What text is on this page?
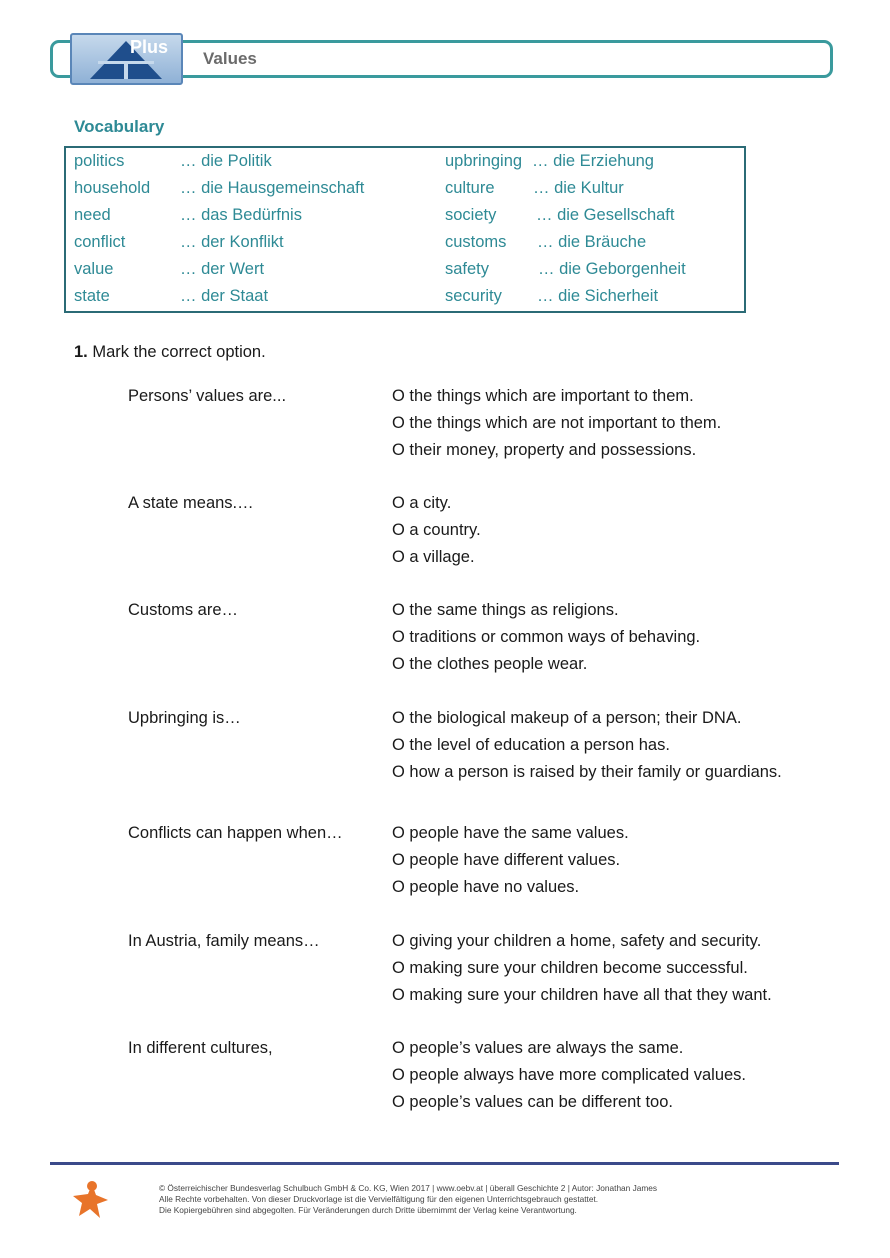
Plus
Values
Vocabulary
politics	… die Politik	upbringing … die Erziehung
household … die Hausgemeinschaft	culture … die Kultur
need	… das Bedürfnis	society … die Gesellschaft
conflict	… der Konflikt	customs … die Bräuche
value	… der Wert	safety	… die Geborgenheit
state	… der Staat	security … die Sicherheit
1. Mark the correct option.
Persons’ values are...	O the things which are important to them.
O the things which are not important to them.
O their money, property and possessions.
A state means.…	O a city.
O a country.
O a village.
Customs are…	O the same things as religions.
O traditions or common ways of behaving.
O the clothes people wear.
Upbringing is…	O the biological makeup of a person; their DNA.
O the level of education a person has.
O how a person is raised by their family or guardians.
Conflicts can happen when…	O people have the same values.
O people have different values.
O people have no values.
In Austria, family means…	O giving your children a home, safety and security.
O making sure your children become successful.
O making sure your children have all that they want.
In different cultures,	O people’s values are always the same.
O people always have more complicated values.
O people’s values can be different too.
© Österreichischer Bundesverlag Schulbuch GmbH & Co. KG, Wien 2017 | www.oebv.at | überall Geschichte 2 | Autor: Jonathan James
Alle Rechte vorbehalten. Von dieser Druckvorlage ist die Vervielfältigung für den eigenen Unterrichtsgebrauch gestattet.
Die Kopiergebühren sind abgegolten. Für Veränderungen durch Dritte übernimmt der Verlag keine Verantwortung.
